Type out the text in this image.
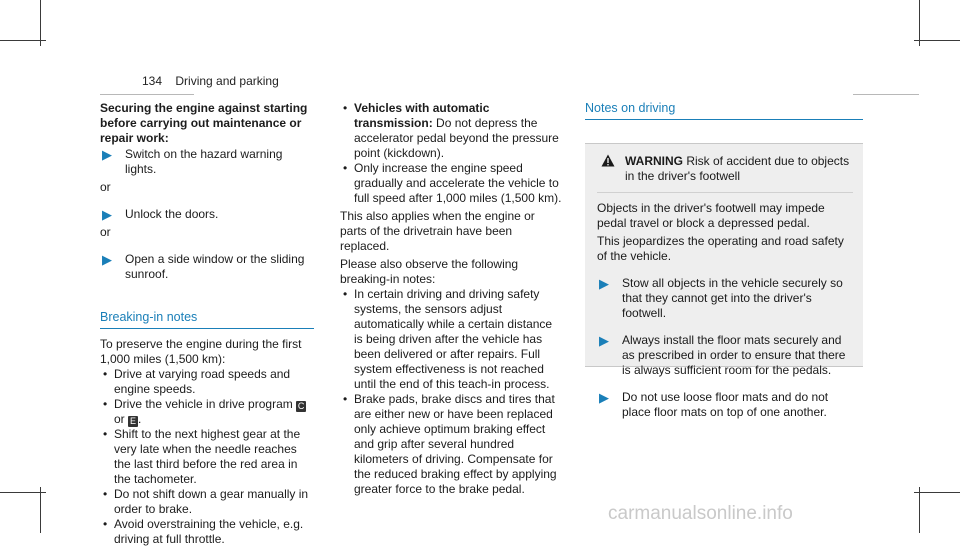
134 Driving and parking

Securing the engine against starting before carrying out maintenance or repair work:

▶ Switch on the hazard warning lights.

or

▶ Unlock the doors.

or

▶ Open a side window or the sliding sunroof.
Breaking-in notes

To preserve the engine during the first 1,000 miles (1,500 km):

• Drive at varying road speeds and engine speeds.
• Drive the vehicle in drive program C
or E .
• Shift to the next highest gear at the very late when the needle reaches the last third before the red area in the tachometer.
• Do not shift down a gear manually in order to brake.
• Avoid overstraining the vehicle, e.g. driving at full throttle.
• Vehicles with automatic transmission: Do not depress the accelerator pedal beyond the pressure point (kickdown).
• Only increase the engine speed gradually and accelerate the vehicle to full speed after 1,000 miles (1,500 km).

This also applies when the engine or parts of the drivetrain have been replaced.

Please also observe the following breaking-in notes:

• In certain driving and driving safety systems, the sensors adjust automatically while a certain distance is being driven after the vehicle has been delivered or after repairs. Full system effectiveness is not reached until the end of this teach-in process.
• Brake pads, brake discs and tires that are either new or have been replaced only achieve optimum braking effect and grip after several hundred kilometers of driving. Compensate for the reduced braking effect by applying greater force to the brake pedal.
Notes on driving
WARNING Risk of accident due to objects in the driver's footwell

Objects in the driver's footwell may impede pedal travel or block a depressed pedal.

This jeopardizes the operating and road safety of the vehicle.

▶ Stow all objects in the vehicle securely so that they cannot get into the driver's footwell.
▶ Always install the floor mats securely and as prescribed in order to ensure that there is always sufficient room for the pedals.
▶ Do not use loose floor mats and do not place floor mats on top of one another.
carmanualsonline.info
